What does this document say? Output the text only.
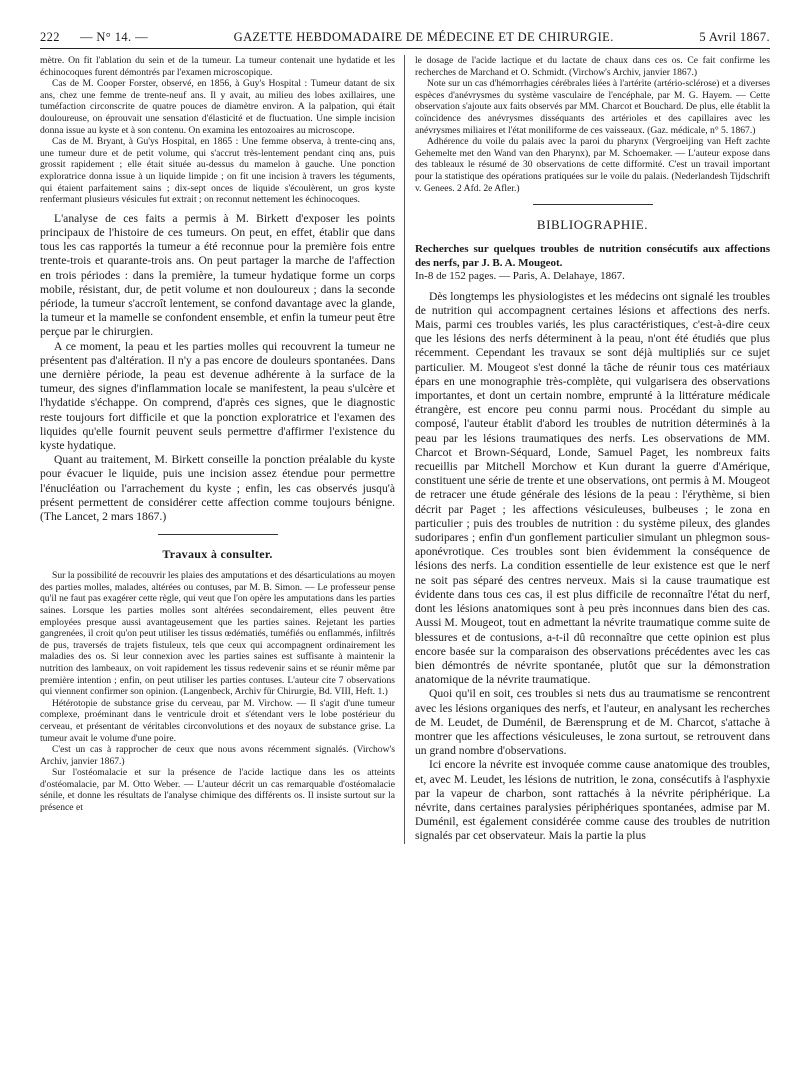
222 — N° 14. —	GAZETTE HEBDOMADAIRE DE MÉDECINE ET DE CHIRURGIE.	5 Avril 1867.

mètre. On fit l'ablation du sein et de la tumeur. La tumeur contenait une hydatide et les échinocoques furent démontrés par l'examen microscopique.

Cas de M. Cooper Forster, observé, en 1856, à Guy's Hospital : Tumeur datant de six ans, chez une femme de trente-neuf ans. Il y avait, au milieu des lobes axillaires, une tuméfaction circonscrite de quatre pouces de diamètre environ. A la palpation, qui était douloureuse, on éprouvait une sensation d'élasticité et de fluctuation. Une simple incision donna issue au kyste et à son contenu. On examina les entozoaires au microscope.

Cas de M. Bryant, à Gu'ys Hospital, en 1865 : Une femme observa, à trente-cinq ans, une tumeur dure et de petit volume, qui s'accrut très-lentement pendant cinq ans, puis grossit rapidement ; elle était située au-dessus du mamelon à gauche. Une ponction exploratrice donna issue à un liquide limpide ; on fit une incision à travers les téguments, qui étaient parfaitement sains ; dix-sept onces de liquide s'écoulèrent, un gros kyste renfermant plusieurs vésicules fut extrait ; on reconnut nettement les échinocoques.

L'analyse de ces faits a permis à M. Birkett d'exposer les points principaux de l'histoire de ces tumeurs. On peut, en effet, établir que dans tous les cas rapportés la tumeur a été reconnue pour la première fois entre trente-trois et quarante-trois ans. On peut partager la marche de l'affection en trois périodes : dans la première, la tumeur hydatique forme un corps mobile, résistant, dur, de petit volume et non douloureux ; dans la seconde période, la tumeur s'accroît lentement, se confond davantage avec la glande, la tumeur et la mamelle se confondent ensemble, et enfin la tumeur peut être perçue par le chirurgien.

A ce moment, la peau et les parties molles qui recouvrent la tumeur ne présentent pas d'altération. Il n'y a pas encore de douleurs spontanées. Dans une dernière période, la peau est devenue adhérente à la surface de la tumeur, des signes d'inflammation locale se manifestent, la peau s'ulcère et l'hydatide s'échappe. On comprend, d'après ces signes, que le diagnostic reste toujours fort difficile et que la ponction exploratrice et l'examen des liquides qu'elle fournit peuvent seuls permettre d'affirmer l'existence du kyste hydatique.

Quant au traitement, M. Birkett conseille la ponction préalable du kyste pour évacuer le liquide, puis une incision assez étendue pour permettre l'énucléation ou l'arrachement du kyste ; enfin, les cas observés jusqu'à présent permettent de considérer cette affection comme toujours bénigne. (The Lancet, 2 mars 1867.)

Travaux à consulter.

Sur la possibilité de recouvrir les plaies des amputations et des désarticulations au moyen des parties molles, malades, altérées ou contuses, par M. B. Simon. — Le professeur pense qu'il ne faut pas exagérer cette règle, qui veut que l'on opère les amputations dans les parties saines. Lorsque les parties molles sont altérées secondairement, elles peuvent être employées presque aussi avantageusement que les parties saines. Rejetant les parties gangrenées, il croit qu'on peut utiliser les tissus œdématiés, tuméfiés ou enflammés, infiltrés de pus, traversés de trajets fistuleux, tels que ceux qui accompagnent ordinairement les maladies des os. Si leur connexion avec les parties saines est suffisante à maintenir la nutrition des lambeaux, on voit rapidement les tissus redevenir sains et se réunir même par première intention ; enfin, on peut utiliser les parties contuses. L'auteur cite 7 observations qui viennent confirmer son opinion. (Langenbeck, Archiv für Chirurgie, Bd. VIII, Heft. 1.)

Hétérotopie de substance grise du cerveau, par M. Virchow. — Il s'agit d'une tumeur complexe, proéminant dans le ventricule droit et s'étendant vers le lobe postérieur du cerveau, et présentant de véritables circonvolutions et des noyaux de substance grise. La tumeur avait le volume d'une poire.

C'est un cas à rapprocher de ceux que nous avons récemment signalés. (Virchow's Archiv, janvier 1867.)

Sur l'ostéomalacie et sur la présence de l'acide lactique dans les os atteints d'ostéomalacie, par M. Otto Weber. — L'auteur décrit un cas remarquable d'ostéomalacie sénile, et donne les résultats de l'analyse chimique des différents os. Il insiste surtout sur la présence et

le dosage de l'acide lactique et du lactate de chaux dans ces os. Ce fait confirme les recherches de Marchand et O. Schmidt. (Virchow's Archiv, janvier 1867.)

Note sur un cas d'hémorrhagies cérébrales liées à l'artérite (artério-sclérose) et a diverses espèces d'anévrysmes du système vasculaire de l'encéphale, par M. G. Hayem. — Cette observation s'ajoute aux faits observés par MM. Charcot et Bouchard. De plus, elle établit la coïncidence des anévrysmes disséquants des artérioles et des capillaires avec les anévrysmes miliaires et l'état moniliforme de ces vaisseaux. (Gaz. médicale, n° 5. 1867.)

Adhérence du voile du palais avec la paroi du pharynx (Vergroeijing van Heft zachte Gehemelte met den Wand van den Pharynx), par M. Schoemaker. — L'auteur expose dans des tableaux le résumé de 30 observations de cette difformité. C'est un travail important pour la statistique des opérations pratiquées sur le voile du palais. (Nederlandesh Tijdschrift v. Genees. 2 Afd. 2e Afler.)

BIBLIOGRAPHIE.

Recherches sur quelques troubles de nutrition consécutifs aux affections des nerfs, par J. B. A. Mougeot.

In-8 de 152 pages. — Paris, A. Delahaye, 1867.

Dès longtemps les physiologistes et les médecins ont signalé les troubles de nutrition qui accompagnent certaines lésions et affections des nerfs. Mais, parmi ces troubles variés, les plus caractéristiques, c'est-à-dire ceux que les lésions des nerfs déterminent à la peau, n'ont été étudiés que plus récemment. Cependant les travaux se sont déjà multipliés sur ce sujet particulier. M. Mougeot s'est donné la tâche de réunir tous ces matériaux épars en une monographie très-complète, qui vulgarisera des observations importantes, et dont un certain nombre, emprunté à la littérature médicale étrangère, est encore peu connu parmi nous. Procédant du simple au composé, l'auteur établit d'abord les troubles de nutrition déterminés à la peau par les lésions traumatiques des nerfs. Les observations de MM. Charcot et Brown-Séquard, Londe, Samuel Paget, les nombreux faits recueillis par Mitchell Morchow et Kun durant la guerre d'Amérique, constituent une série de trente et une observations, ont permis à M. Mougeot de retracer une étude générale des lésions de la peau : l'érythème, si bien décrit par Paget ; les affections vésiculeuses, bulbeuses ; le zona en particulier ; puis des troubles de nutrition : du système pileux, des glandes sudoripares ; enfin d'un gonflement particulier simulant un phlegmon sous-aponévrotique. Ces troubles sont bien évidemment la conséquence de lésions des nerfs. La condition essentielle de leur existence est que le nerf ne soit pas séparé des centres nerveux. Mais si la cause traumatique est évidente dans tous ces cas, il est plus difficile de reconnaître l'état du nerf, dont les lésions anatomiques sont à peu près inconnues dans bien des cas. Aussi M. Mougeot, tout en admettant la névrite traumatique comme suite de blessures et de contusions, a-t-il dû reconnaître que cette opinion est plus encore basée sur la comparaison des observations précédentes avec les cas bien démontrés de névrite spontanée, plutôt que sur la démonstration anatomique de la névrite traumatique.

Quoi qu'il en soit, ces troubles si nets dus au traumatisme se rencontrent avec les lésions organiques des nerfs, et l'auteur, en analysant les recherches de M. Leudet, de Duménil, de Bærensprung et de M. Charcot, s'attache à montrer que les affections vésiculeuses, le zona surtout, se retrouvent dans un grand nombre d'observations.

Ici encore la névrite est invoquée comme cause anatomique des troubles, et, avec M. Leudet, les lésions de nutrition, le zona, consécutifs à l'asphyxie par la vapeur de charbon, sont rattachés à la névrite périphérique. La névrite, dans certaines paralysies périphériques spontanées, admise par M. Duménil, est également considérée comme cause des troubles de nutrition signalés par cet observateur. Mais la partie la plus
